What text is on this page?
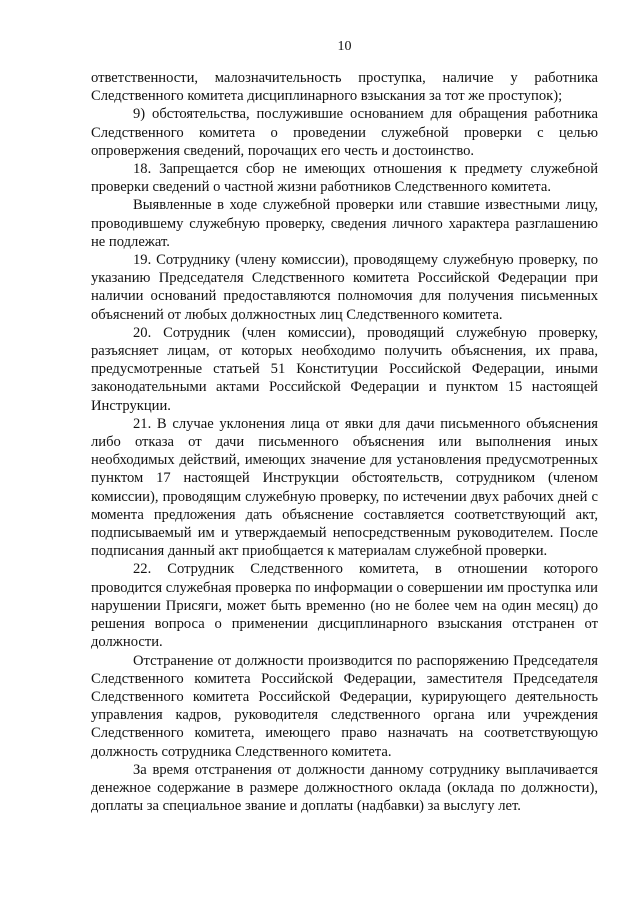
10

ответственности, малозначительность проступка, наличие у работника Следственного комитета дисциплинарного взыскания за тот же проступок);

9) обстоятельства, послужившие основанием для обращения работника Следственного комитета о проведении служебной проверки с целью опровержения сведений, порочащих его честь и достоинство.

18. Запрещается сбор не имеющих отношения к предмету служебной проверки сведений о частной жизни работников Следственного комитета.

Выявленные в ходе служебной проверки или ставшие известными лицу, проводившему служебную проверку, сведения личного характера разглашению не подлежат.

19. Сотруднику (члену комиссии), проводящему служебную проверку, по указанию Председателя Следственного комитета Российской Федерации при наличии оснований предоставляются полномочия для получения письменных объяснений от любых должностных лиц Следственного комитета.

20. Сотрудник (член комиссии), проводящий служебную проверку, разъясняет лицам, от которых необходимо получить объяснения, их права, предусмотренные статьей 51 Конституции Российской Федерации, иными законодательными актами Российской Федерации и пунктом 15 настоящей Инструкции.

21. В случае уклонения лица от явки для дачи письменного объяснения либо отказа от дачи письменного объяснения или выполнения иных необходимых действий, имеющих значение для установления предусмотренных пунктом 17 настоящей Инструкции обстоятельств, сотрудником (членом комиссии), проводящим служебную проверку, по истечении двух рабочих дней с момента предложения дать объяснение составляется соответствующий акт, подписываемый им и утверждаемый непосредственным руководителем. После подписания данный акт приобщается к материалам служебной проверки.

22. Сотрудник Следственного комитета, в отношении которого проводится служебная проверка по информации о совершении им проступка или нарушении Присяги, может быть временно (но не более чем на один месяц) до решения вопроса о применении дисциплинарного взыскания отстранен от должности.

Отстранение от должности производится по распоряжению Председателя Следственного комитета Российской Федерации, заместителя Председателя Следственного комитета Российской Федерации, курирующего деятельность управления кадров, руководителя следственного органа или учреждения Следственного комитета, имеющего право назначать на соответствующую должность сотрудника Следственного комитета.

За время отстранения от должности данному сотруднику выплачивается денежное содержание в размере должностного оклада (оклада по должности), доплаты за специальное звание и доплаты (надбавки) за выслугу лет.
